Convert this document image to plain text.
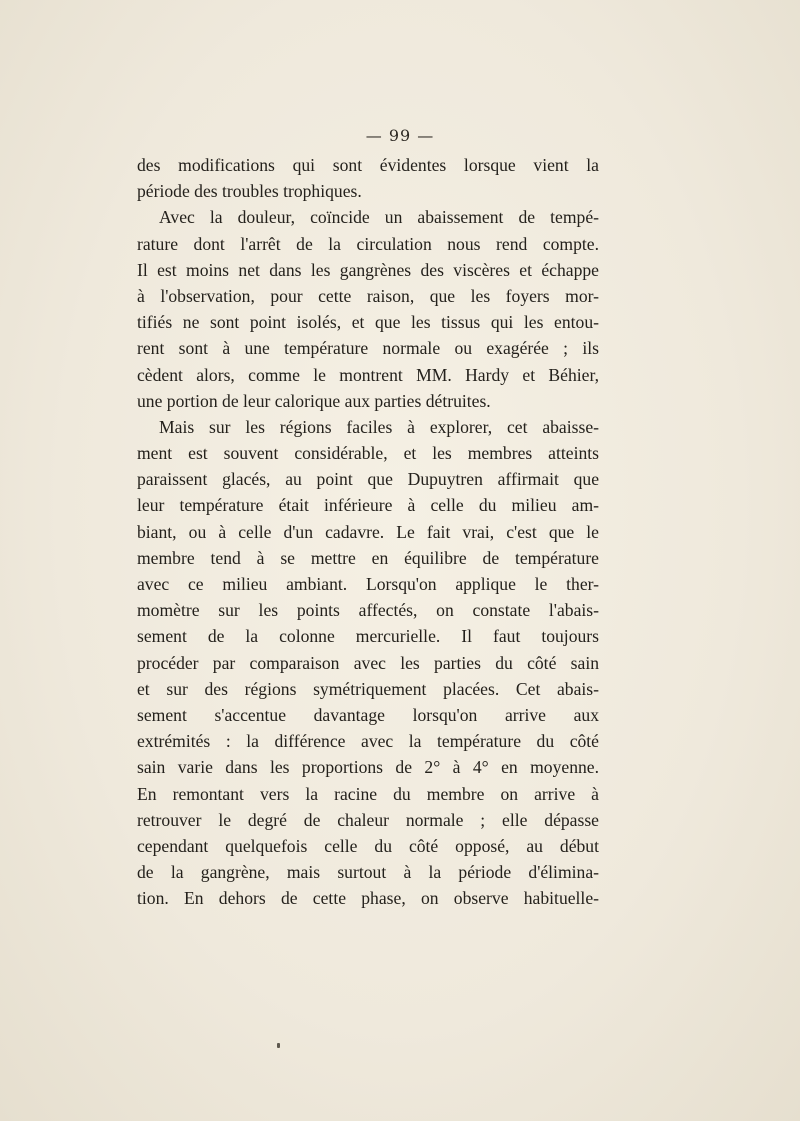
— 99 —
des modifications qui sont évidentes lorsque vient la
période des troubles trophiques.
Avec la douleur, coïncide un abaissement de tempé-
rature dont l'arrêt de la circulation nous rend compte.
Il est moins net dans les gangrènes des viscères et échappe
à l'observation, pour cette raison, que les foyers mor-
tifiés ne sont point isolés, et que les tissus qui les entou-
rent sont à une température normale ou exagérée ; ils
cèdent alors, comme le montrent MM. Hardy et Béhier,
une portion de leur calorique aux parties détruites.
Mais sur les régions faciles à explorer, cet abaisse-
ment est souvent considérable, et les membres atteints
paraissent glacés, au point que Dupuytren affirmait que
leur température était inférieure à celle du milieu am-
biant, ou à celle d'un cadavre. Le fait vrai, c'est que le
membre tend à se mettre en équilibre de température
avec ce milieu ambiant. Lorsqu'on applique le ther-
momètre sur les points affectés, on constate l'abais-
sement de la colonne mercurielle. Il faut toujours
procéder par comparaison avec les parties du côté sain
et sur des régions symétriquement placées. Cet abais-
sement s'accentue davantage lorsqu'on arrive aux
extrémités : la différence avec la température du côté
sain varie dans les proportions de 2° à 4° en moyenne.
En remontant vers la racine du membre on arrive à
retrouver le degré de chaleur normale ; elle dépasse
cependant quelquefois celle du côté opposé, au début
de la gangrène, mais surtout à la période d'élimina-
tion. En dehors de cette phase, on observe habituelle-
